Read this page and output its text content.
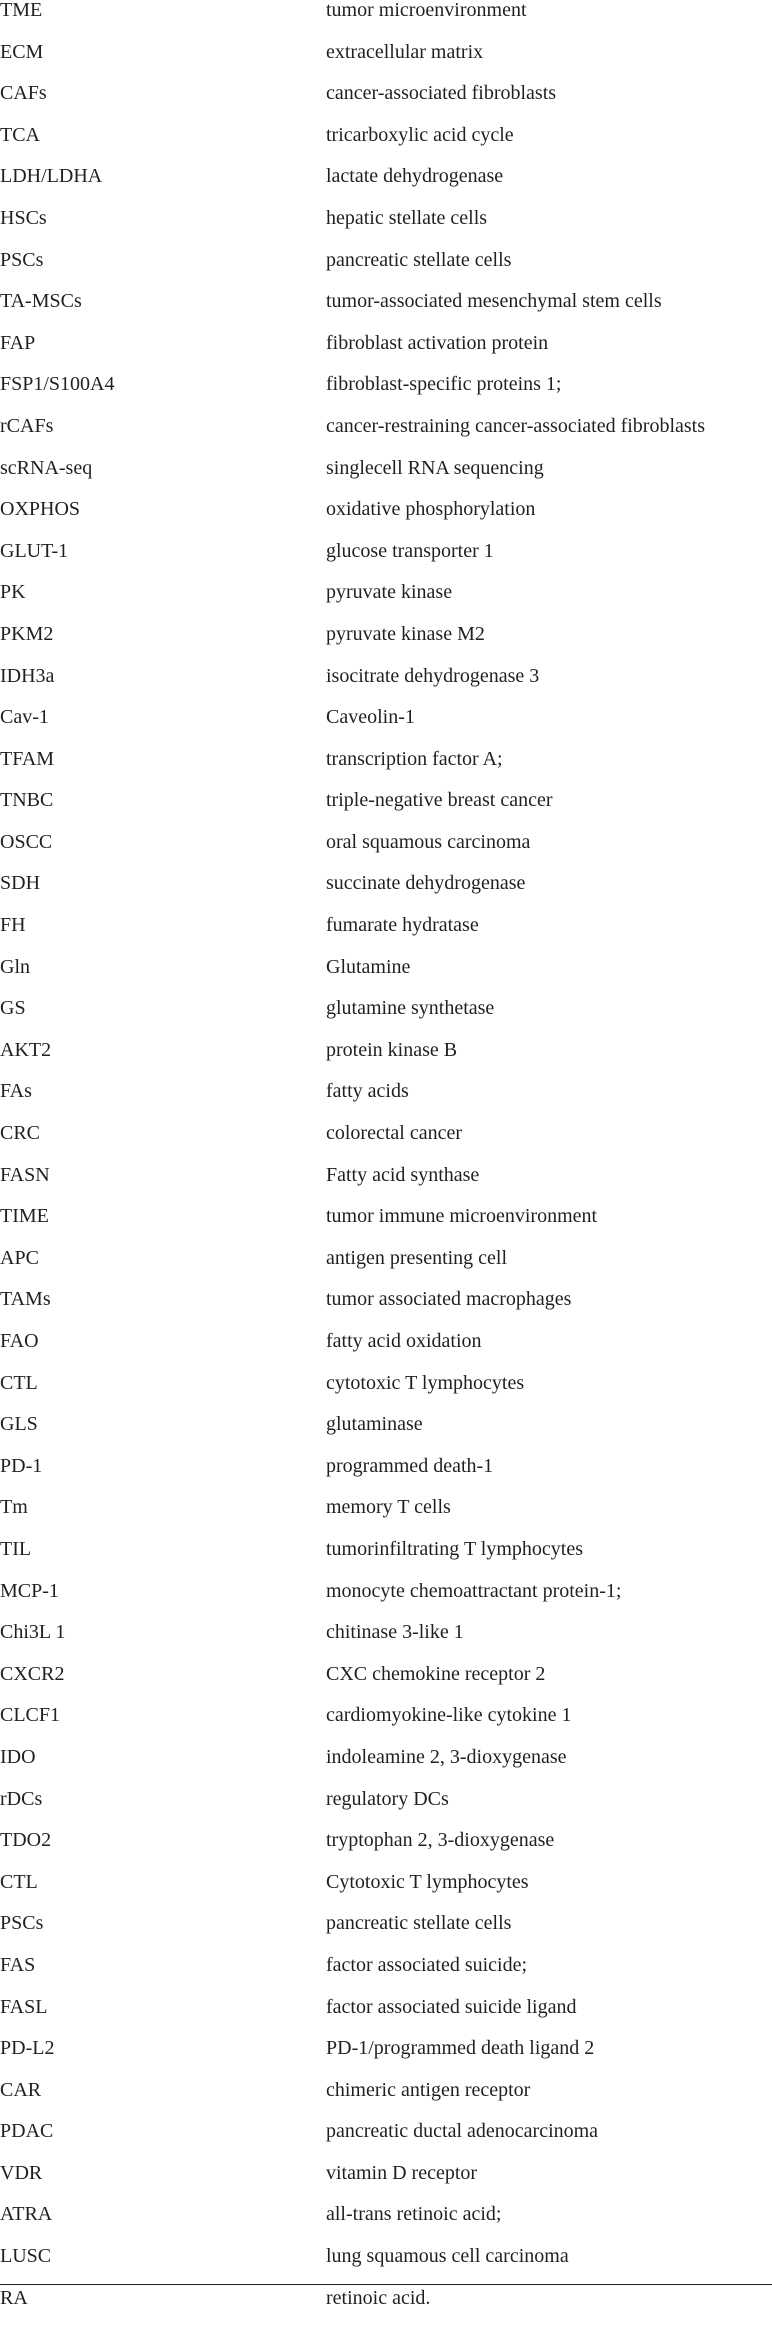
TME	tumor microenvironment
ECM	extracellular matrix
CAFs	cancer-associated fibroblasts
TCA	tricarboxylic acid cycle
LDH/LDHA	lactate dehydrogenase
HSCs	hepatic stellate cells
PSCs	pancreatic stellate cells
TA-MSCs	tumor-associated mesenchymal stem cells
FAP	fibroblast activation protein
FSP1/S100A4	fibroblast-specific proteins 1;
rCAFs	cancer-restraining cancer-associated fibroblasts
scRNA-seq	singlecell RNA sequencing
OXPHOS	oxidative phosphorylation
GLUT-1	glucose transporter 1
PK	pyruvate kinase
PKM2	pyruvate kinase M2
IDH3a	isocitrate dehydrogenase 3
Cav-1	Caveolin-1
TFAM	transcription factor A;
TNBC	triple-negative breast cancer
OSCC	oral squamous carcinoma
SDH	succinate dehydrogenase
FH	fumarate hydratase
Gln	Glutamine
GS	glutamine synthetase
AKT2	protein kinase B
FAs	fatty acids
CRC	colorectal cancer
FASN	Fatty acid synthase
TIME	tumor immune microenvironment
APC	antigen presenting cell
TAMs	tumor associated macrophages
FAO	fatty acid oxidation
CTL	cytotoxic T lymphocytes
GLS	glutaminase
PD-1	programmed death-1
Tm	memory T cells
TIL	tumorinfiltrating T lymphocytes
MCP-1	monocyte chemoattractant protein-1;
Chi3L 1	chitinase 3-like 1
CXCR2	CXC chemokine receptor 2
CLCF1	cardiomyokine-like cytokine 1
IDO	indoleamine 2, 3-dioxygenase
rDCs	regulatory DCs
TDO2	tryptophan 2, 3-dioxygenase
CTL	Cytotoxic T lymphocytes
PSCs	pancreatic stellate cells
FAS	factor associated suicide;
FASL	factor associated suicide ligand
PD-L2	PD-1/programmed death ligand 2
CAR	chimeric antigen receptor
PDAC	pancreatic ductal adenocarcinoma
VDR	vitamin D receptor
ATRA	all-trans retinoic acid;
LUSC	lung squamous cell carcinoma
RA	retinoic acid.
